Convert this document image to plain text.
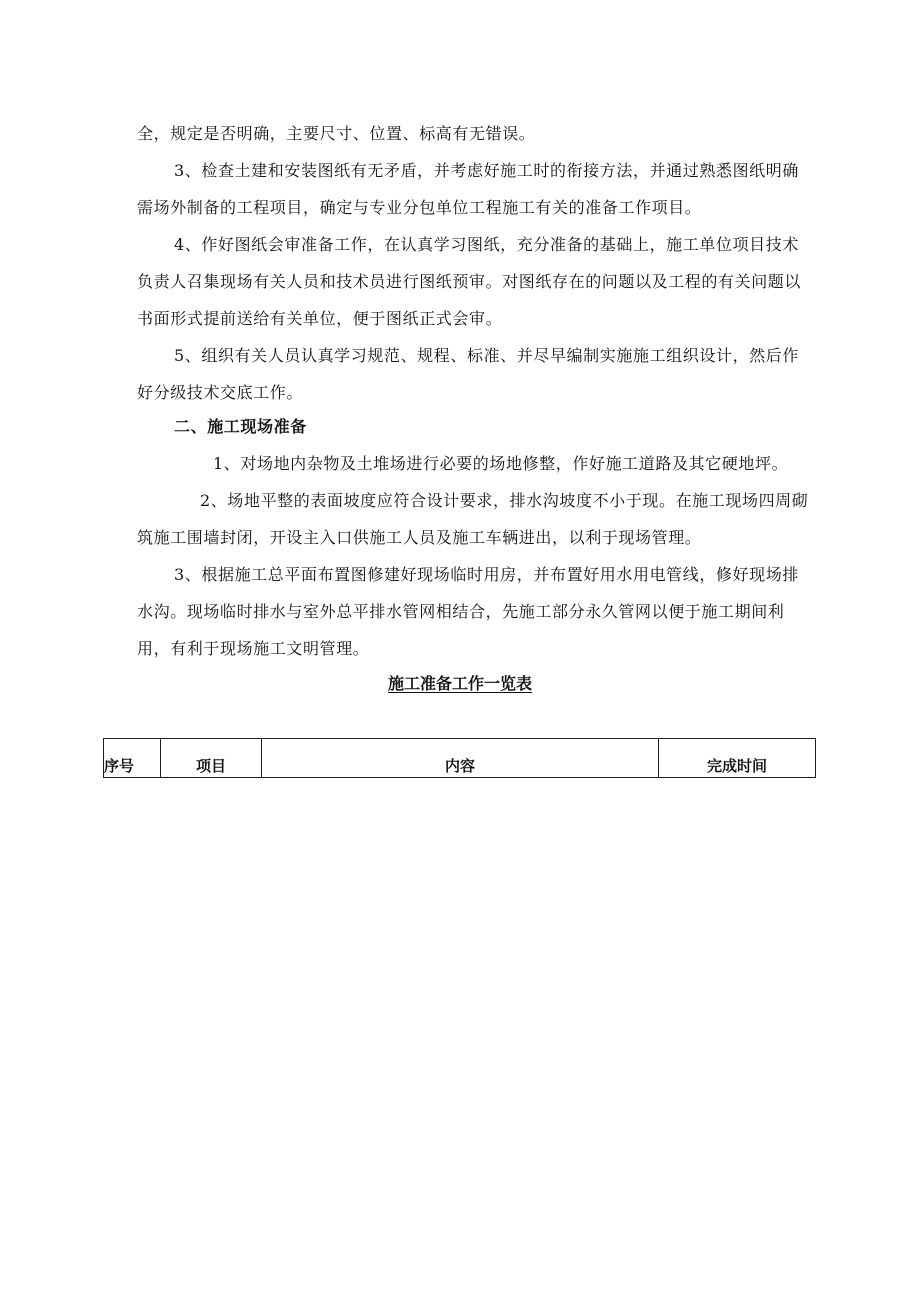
全，规定是否明确，主要尺寸、位置、标高有无错误。
3、检查土建和安装图纸有无矛盾，并考虑好施工时的衔接方法，并通过熟悉图纸明确
需场外制备的工程项目，确定与专业分包单位工程施工有关的准备工作项目。
4、作好图纸会审准备工作，在认真学习图纸，充分准备的基础上，施工单位项目技术
负责人召集现场有关人员和技术员进行图纸预审。对图纸存在的问题以及工程的有关问题以
书面形式提前送给有关单位，便于图纸正式会审。
5、组织有关人员认真学习规范、规程、标准、并尽早编制实施施工组织设计，然后作
好分级技术交底工作。
二、施工现场准备
1、对场地内杂物及土堆场进行必要的场地修整，作好施工道路及其它硬地坪。
2、场地平整的表面坡度应符合设计要求，排水沟坡度不小于现。在施工现场四周砌
筑施工围墙封闭，开设主入口供施工人员及施工车辆进出，以利于现场管理。
3、根据施工总平面布置图修建好现场临时用房，并布置好用水用电管线，修好现场排
水沟。现场临时排水与室外总平排水管网相结合，先施工部分永久管网以便于施工期间利
用，有利于现场施工文明管理。
施工准备工作一览表
序号	项目	内容	完成时间
